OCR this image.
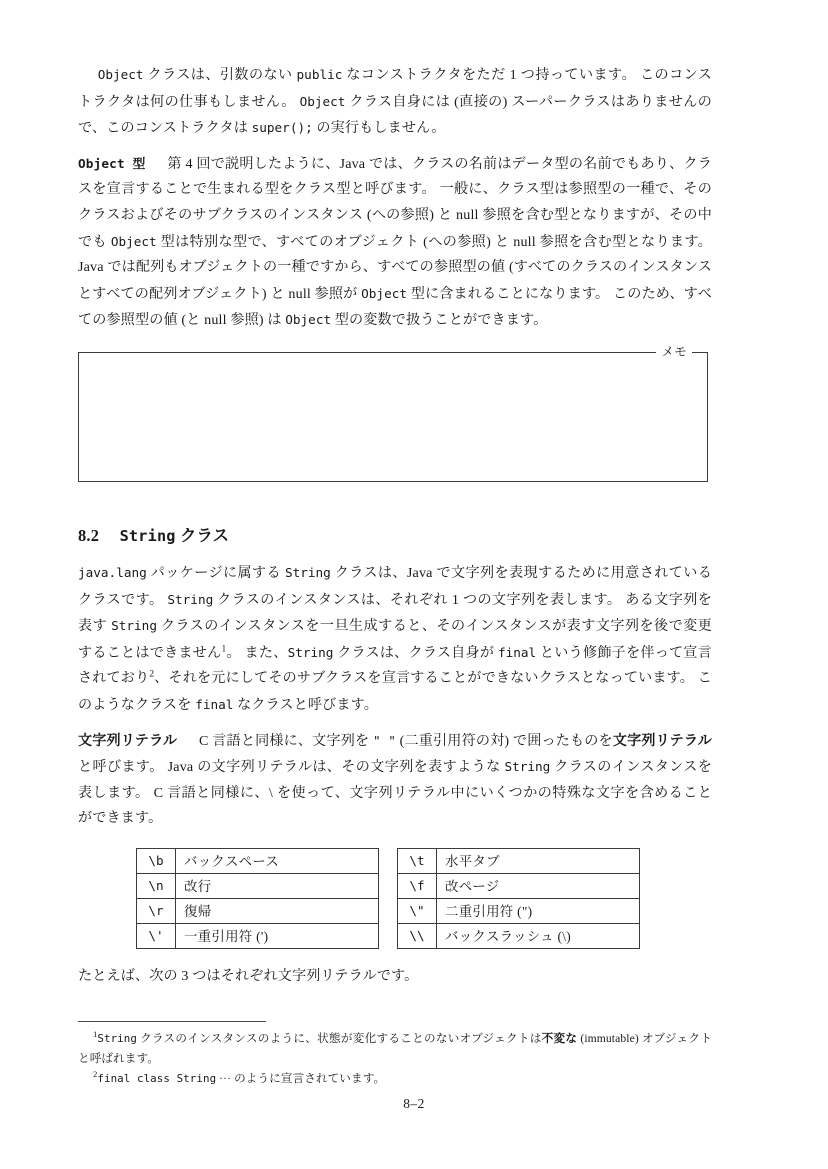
Object クラスは、引数のない public なコンストラクタをただ 1 つ持っています。 このコンストラクタは何の仕事もしません。 Object クラス自身には (直接の) スーパークラスはありませんので、このコンストラクタは super(); の実行もしません。

Object 型 第 4 回で説明したように、Java では、クラスの名前はデータ型の名前でもあり、クラスを宣言することで生まれる型をクラス型と呼びます。 一般に、クラス型は参照型の一種で、そのクラスおよびそのサブクラスのインスタンス (への参照) と null 参照を含む型となりますが、その中でも Object 型は特別な型で、すべてのオブジェクト (への参照) と null 参照を含む型となります。 Java では配列もオブジェクトの一種ですから、すべての参照型の値 (すべてのクラスのインスタンスとすべての配列オブジェクト) と null 参照が Object 型に含まれることになります。 このため、すべての参照型の値 (と null 参照) は Object 型の変数で扱うことができます。

メモ
8.2 String クラス

java.lang パッケージに属する String クラスは、Java で文字列を表現するために用意されているクラスです。 String クラスのインスタンスは、それぞれ 1 つの文字列を表します。 ある文字列を表す String クラスのインスタンスを一旦生成すると、そのインスタンスが表す文字列を後で変更することはできません$^1$。 また、String クラスは、クラス自身が final という修飾子を伴って宣言されており$^2$、それを元にしてそのサブクラスを宣言することができないクラスとなっています。 このようなクラスを final なクラスと呼びます。

文字列リテラル C 言語と同様に、文字列を " " (二重引用符の対) で囲ったものを文字列リテラルと呼びます。 Java の文字列リテラルは、その文字列を表すような String クラスのインスタンスを表します。 C 言語と同様に、\ を使って、文字列リテラル中にいくつかの特殊な文字を含めることができます。

\b	バックスペース
\n	改行
\r	復帰
\'	一重引用符 (')
\t	水平タブ
\f	改ページ
\"	二重引用符 (")
\\	バックスラッシュ (\)

たとえば、次の 3 つはそれぞれ文字列リテラルです。

$^1$String クラスのインスタンスのように、状態が変化することのないオブジェクトは不変な (immutable) オブジェクトと呼ばれます。

$^2$final class String ··· のように宣言されています。

8–2
